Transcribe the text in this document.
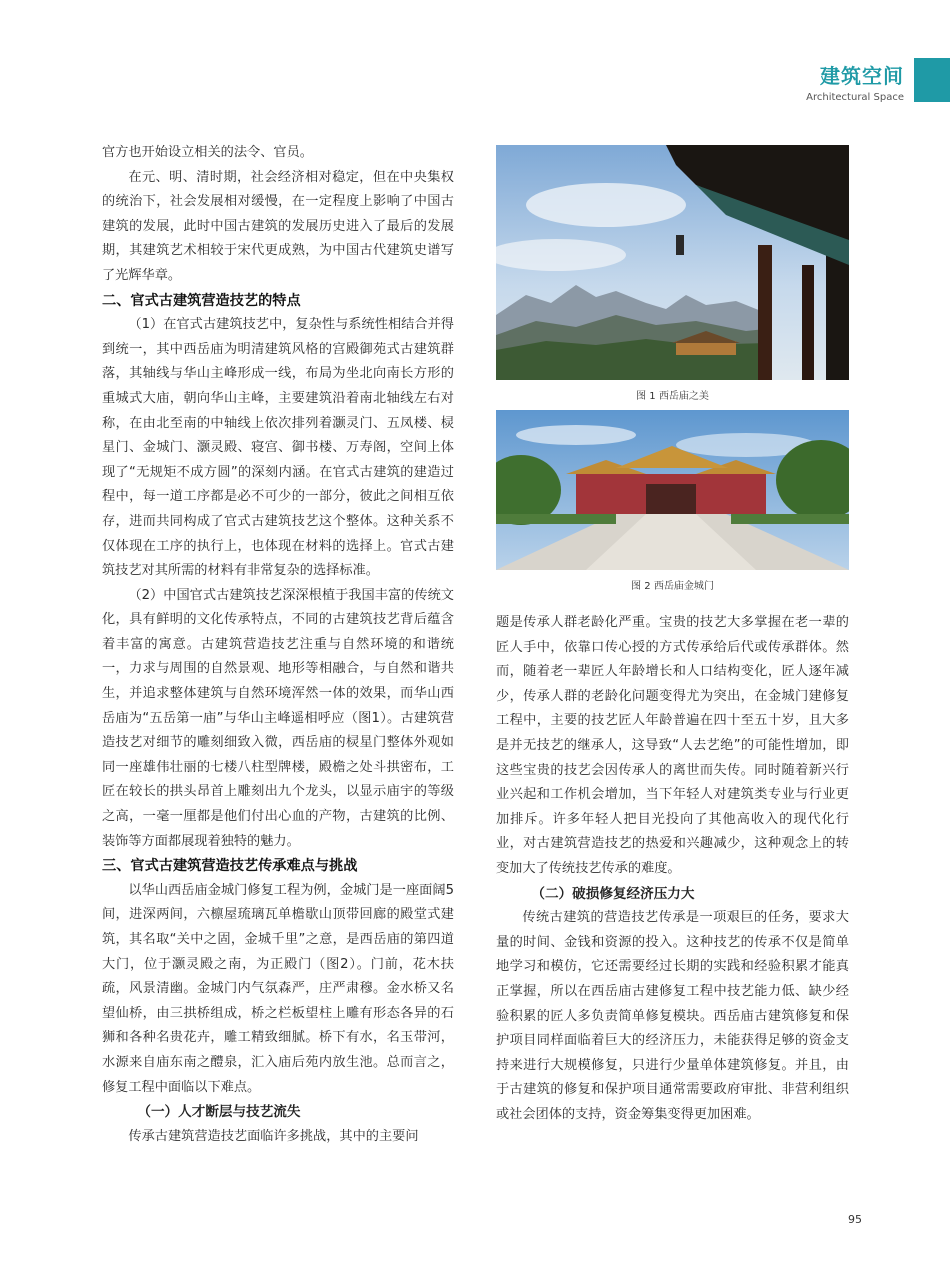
建筑空间
Architectural Space

官方也开始设立相关的法令、官员。

在元、明、清时期，社会经济相对稳定，但在中央集权的统治下，社会发展相对缓慢，在一定程度上影响了中国古建筑的发展，此时中国古建筑的发展历史进入了最后的发展期，其建筑艺术相较于宋代更成熟，为中国古代建筑史谱写了光辉华章。

二、官式古建筑营造技艺的特点

（1）在官式古建筑技艺中，复杂性与系统性相结合并得到统一，其中西岳庙为明清建筑风格的宫殿御苑式古建筑群落，其轴线与华山主峰形成一线，布局为坐北向南长方形的重城式大庙，朝向华山主峰，主要建筑沿着南北轴线左右对称，在由北至南的中轴线上依次排列着灏灵门、五凤楼、棂星门、金城门、灏灵殿、寝宫、御书楼、万寿阁，空间上体现了“无规矩不成方圆”的深刻内涵。在官式古建筑的建造过程中，每一道工序都是必不可少的一部分，彼此之间相互依存，进而共同构成了官式古建筑技艺这个整体。这种关系不仅体现在工序的执行上，也体现在材料的选择上。官式古建筑技艺对其所需的材料有非常复杂的选择标准。

（2）中国官式古建筑技艺深深根植于我国丰富的传统文化，具有鲜明的文化传承特点，不同的古建筑技艺背后蕴含着丰富的寓意。古建筑营造技艺注重与自然环境的和谐统一，力求与周围的自然景观、地形等相融合，与自然和谐共生，并追求整体建筑与自然环境浑然一体的效果，而华山西岳庙为“五岳第一庙”与华山主峰遥相呼应（图1）。古建筑营造技艺对细节的雕刻细致入微，西岳庙的棂星门整体外观如同一座雄伟壮丽的七楼八柱型牌楼，殿檐之处斗拱密布，工匠在较长的拱头昂首上雕刻出九个龙头，以显示庙宇的等级之高，一毫一厘都是他们付出心血的产物，古建筑的比例、装饰等方面都展现着独特的魅力。

三、官式古建筑营造技艺传承难点与挑战

以华山西岳庙金城门修复工程为例，金城门是一座面阔5间，进深两间，六檩屋琉璃瓦单檐歇山顶带回廊的殿堂式建筑，其名取“关中之固，金城千里”之意，是西岳庙的第四道大门，位于灏灵殿之南，为正殿门（图2）。门前，花木扶疏，风景清幽。金城门内气氛森严，庄严肃穆。金水桥又名望仙桥，由三拱桥组成，桥之栏板望柱上雕有形态各异的石狮和各种名贵花卉，雕工精致细腻。桥下有水，名玉带河，水源来自庙东南之醴泉，汇入庙后苑内放生池。总而言之，修复工程中面临以下难点。

（一）人才断层与技艺流失

传承古建筑营造技艺面临许多挑战，其中的主要问

图 1 西岳庙之美
图 2 西岳庙金城门

题是传承人群老龄化严重。宝贵的技艺大多掌握在老一辈的匠人手中，依靠口传心授的方式传承给后代或传承群体。然而，随着老一辈匠人年龄增长和人口结构变化，匠人逐年减少，传承人群的老龄化问题变得尤为突出，在金城门建修复工程中，主要的技艺匠人年龄普遍在四十至五十岁，且大多是并无技艺的继承人，这导致“人去艺绝”的可能性增加，即这些宝贵的技艺会因传承人的离世而失传。同时随着新兴行业兴起和工作机会增加，当下年轻人对建筑类专业与行业更加排斥。许多年轻人把目光投向了其他高收入的现代化行业，对古建筑营造技艺的热爱和兴趣减少，这种观念上的转变加大了传统技艺传承的难度。

（二）破损修复经济压力大

传统古建筑的营造技艺传承是一项艰巨的任务，要求大量的时间、金钱和资源的投入。这种技艺的传承不仅是简单地学习和模仿，它还需要经过长期的实践和经验积累才能真正掌握，所以在西岳庙古建修复工程中技艺能力低、缺少经验积累的匠人多负责简单修复模块。西岳庙古建筑修复和保护项目同样面临着巨大的经济压力，未能获得足够的资金支持来进行大规模修复，只进行少量单体建筑修复。并且，由于古建筑的修复和保护项目通常需要政府审批、非营利组织或社会团体的支持，资金筹集变得更加困难。

95
